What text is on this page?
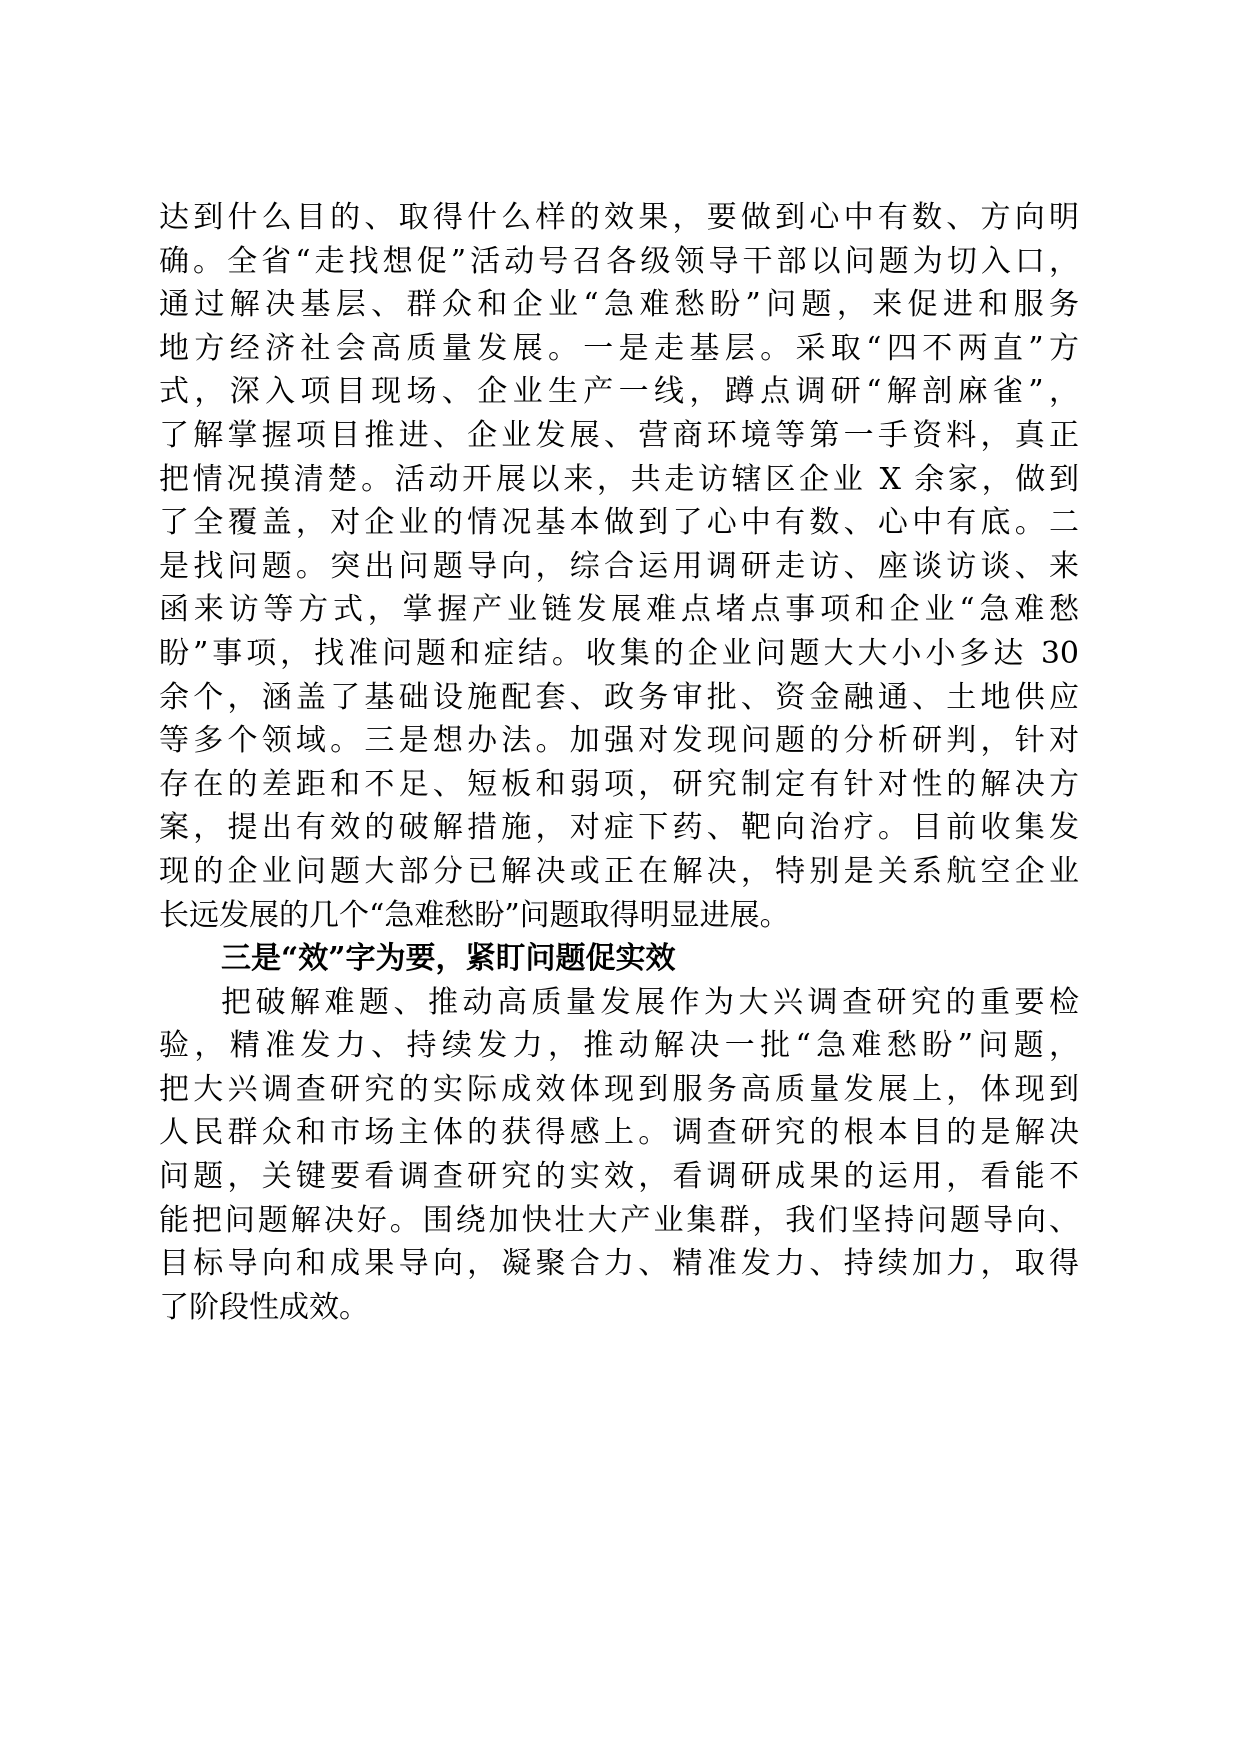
达到什么目的、取得什么样的效果，要做到心中有数、方向明
确。全省“走找想促”活动号召各级领导干部以问题为切入口，
通过解决基层、群众和企业“急难愁盼”问题，来促进和服务
地方经济社会高质量发展。一是走基层。采取“四不两直”方
式，深入项目现场、企业生产一线，蹲点调研“解剖麻雀”，
了解掌握项目推进、企业发展、营商环境等第一手资料，真正
把情况摸清楚。活动开展以来，共走访辖区企业 X 余家，做到
了全覆盖，对企业的情况基本做到了心中有数、心中有底。二
是找问题。突出问题导向，综合运用调研走访、座谈访谈、来
函来访等方式，掌握产业链发展难点堵点事项和企业“急难愁
盼”事项，找准问题和症结。收集的企业问题大大小小多达 30
余个，涵盖了基础设施配套、政务审批、资金融通、土地供应
等多个领域。三是想办法。加强对发现问题的分析研判，针对
存在的差距和不足、短板和弱项，研究制定有针对性的解决方
案，提出有效的破解措施，对症下药、靶向治疗。目前收集发
现的企业问题大部分已解决或正在解决，特别是关系航空企业
长远发展的几个“急难愁盼”问题取得明显进展。
三是“效”字为要，紧盯问题促实效
把破解难题、推动高质量发展作为大兴调查研究的重要检
验，精准发力、持续发力，推动解决一批“急难愁盼”问题，
把大兴调查研究的实际成效体现到服务高质量发展上，体现到
人民群众和市场主体的获得感上。调查研究的根本目的是解决
问题，关键要看调查研究的实效，看调研成果的运用，看能不
能把问题解决好。围绕加快壮大产业集群，我们坚持问题导向、
目标导向和成果导向，凝聚合力、精准发力、持续加力，取得
了阶段性成效。
